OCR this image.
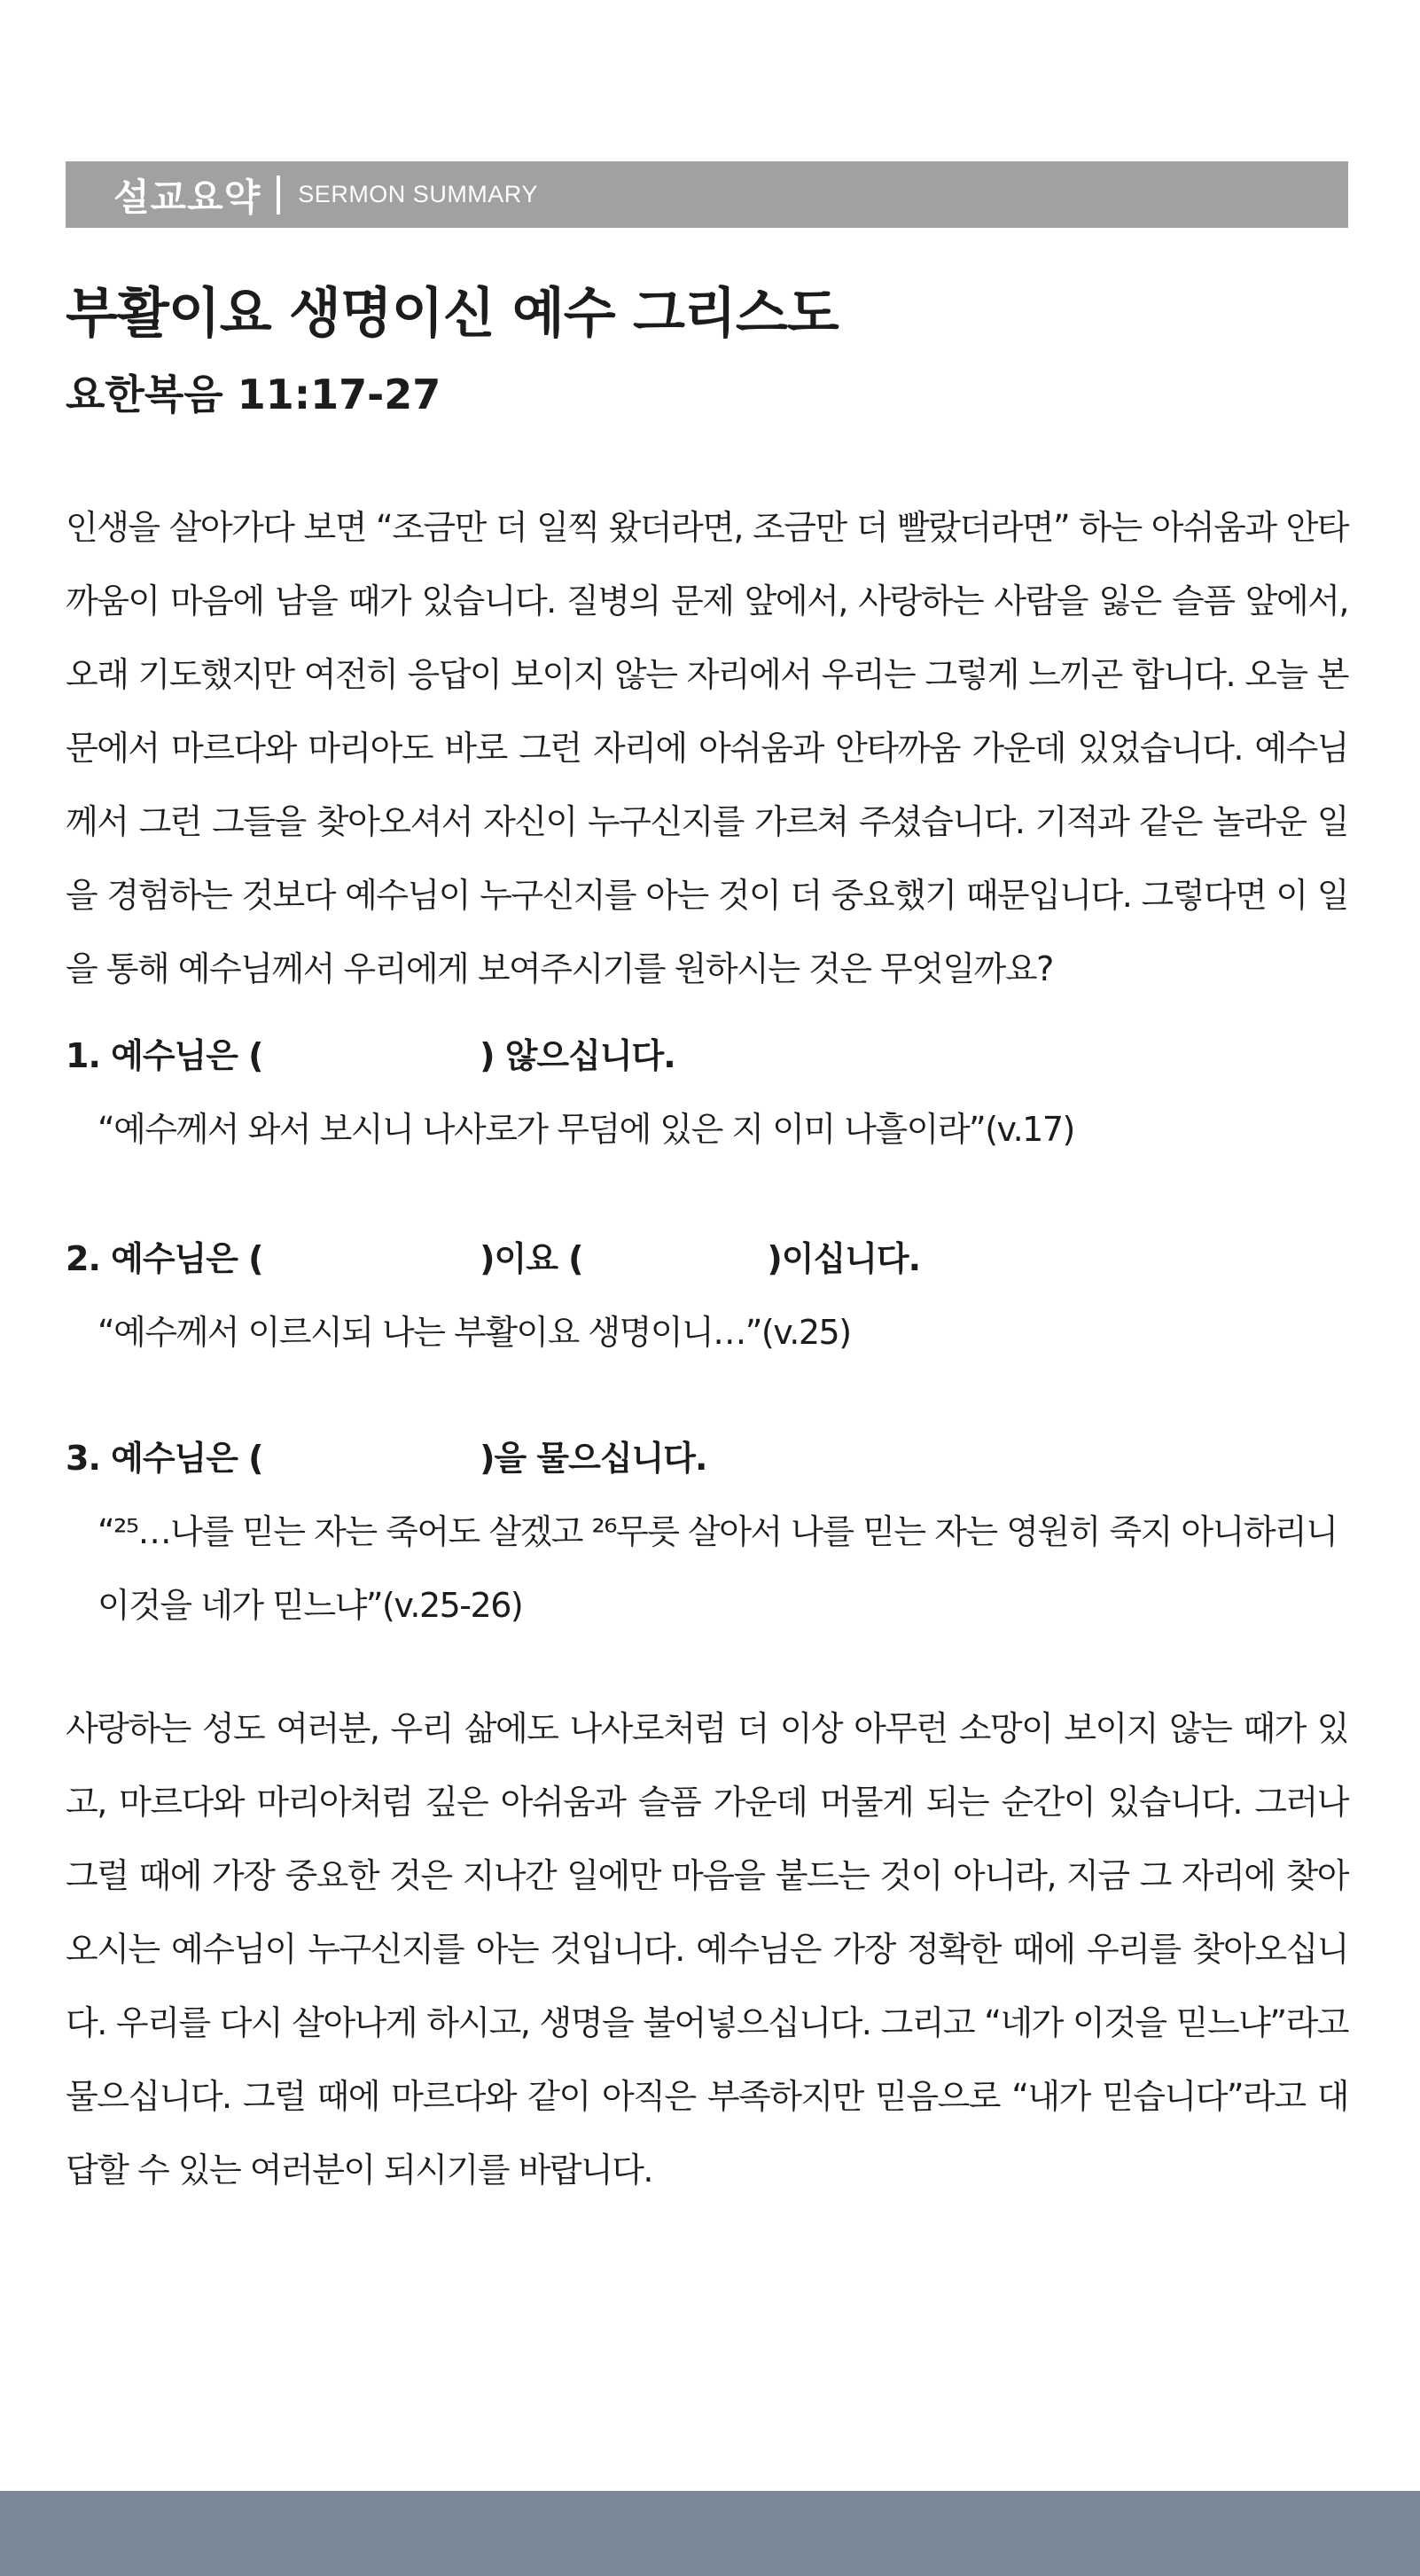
설교요약 SERMON SUMMARY
부활이요 생명이신 예수 그리스도
요한복음 11:17-27

인생을 살아가다 보면 “조금만 더 일찍 왔더라면, 조금만 더 빨랐더라면” 하는 아쉬움과 안타까움이 마음에 남을 때가 있습니다. 질병의 문제 앞에서, 사랑하는 사람을 잃은 슬픔 앞에서, 오래 기도했지만 여전히 응답이 보이지 않는 자리에서 우리는 그렇게 느끼곤 합니다. 오늘 본문에서 마르다와 마리아도 바로 그런 자리에 아쉬움과 안타까움 가운데 있었습니다. 예수님께서 그런 그들을 찾아오셔서 자신이 누구신지를 가르쳐 주셨습니다. 기적과 같은 놀라운 일을 경험하는 것보다 예수님이 누구신지를 아는 것이 더 중요했기 때문입니다. 그렇다면 이 일을 통해 예수님께서 우리에게 보여주시기를 원하시는 것은 무엇일까요?

1. 예수님은 (                    ) 않으십니다.

“예수께서 와서 보시니 나사로가 무덤에 있은 지 이미 나흘이라”(v.17)

2. 예수님은 (                    )이요 (                 )이십니다.

“예수께서 이르시되 나는 부활이요 생명이니…”(v.25)

3. 예수님은 (                    )을 물으십니다.

“²⁵…나를 믿는 자는 죽어도 살겠고 ²⁶무릇 살아서 나를 믿는 자는 영원히 죽지 아니하리니 이것을 네가 믿느냐”(v.25-26)

사랑하는 성도 여러분, 우리 삶에도 나사로처럼 더 이상 아무런 소망이 보이지 않는 때가 있고, 마르다와 마리아처럼 깊은 아쉬움과 슬픔 가운데 머물게 되는 순간이 있습니다. 그러나 그럴 때에 가장 중요한 것은 지나간 일에만 마음을 붙드는 것이 아니라, 지금 그 자리에 찾아오시는 예수님이 누구신지를 아는 것입니다. 예수님은 가장 정확한 때에 우리를 찾아오십니다. 우리를 다시 살아나게 하시고, 생명을 불어넣으십니다. 그리고 “네가 이것을 믿느냐”라고 물으십니다. 그럴 때에 마르다와 같이 아직은 부족하지만 믿음으로 “내가 믿습니다”라고 대답할 수 있는 여러분이 되시기를 바랍니다.
